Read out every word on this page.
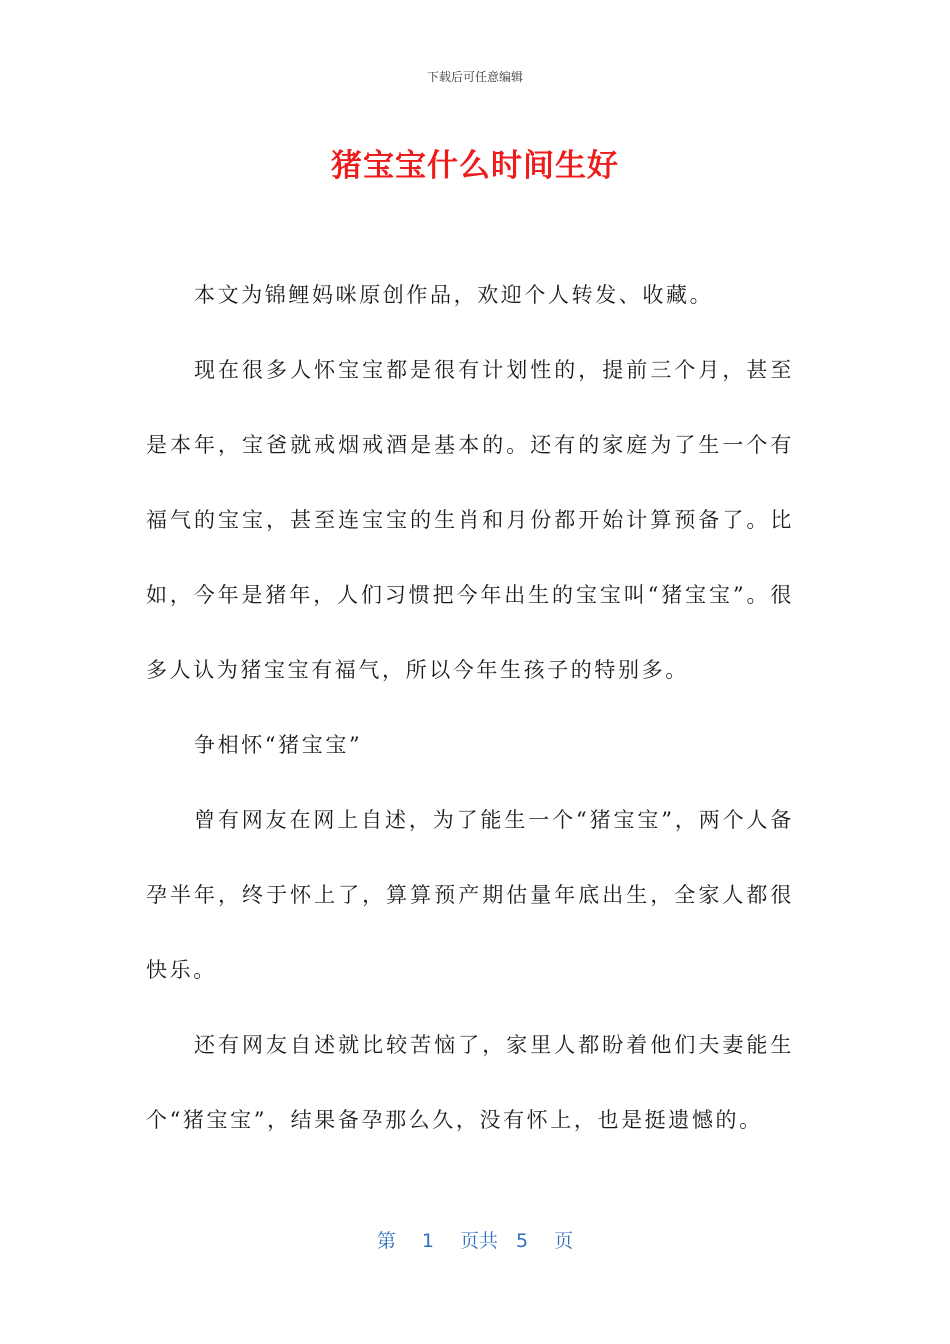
下载后可任意编辑
猪宝宝什么时间生好

本文为锦鲤妈咪原创作品，欢迎个人转发、收藏。

现在很多人怀宝宝都是很有计划性的，提前三个月，甚至是本年，宝爸就戒烟戒酒是基本的。还有的家庭为了生一个有福气的宝宝，甚至连宝宝的生肖和月份都开始计算预备了。比如，今年是猪年，人们习惯把今年出生的宝宝叫“猪宝宝”。很多人认为猪宝宝有福气，所以今年生孩子的特别多。

争相怀“猪宝宝”

曾有网友在网上自述，为了能生一个“猪宝宝”，两个人备孕半年，终于怀上了，算算预产期估量年底出生，全家人都很快乐。

还有网友自述就比较苦恼了，家里人都盼着他们夫妻能生个“猪宝宝”，结果备孕那么久，没有怀上，也是挺遗憾的。

第 1 页共 5 页
